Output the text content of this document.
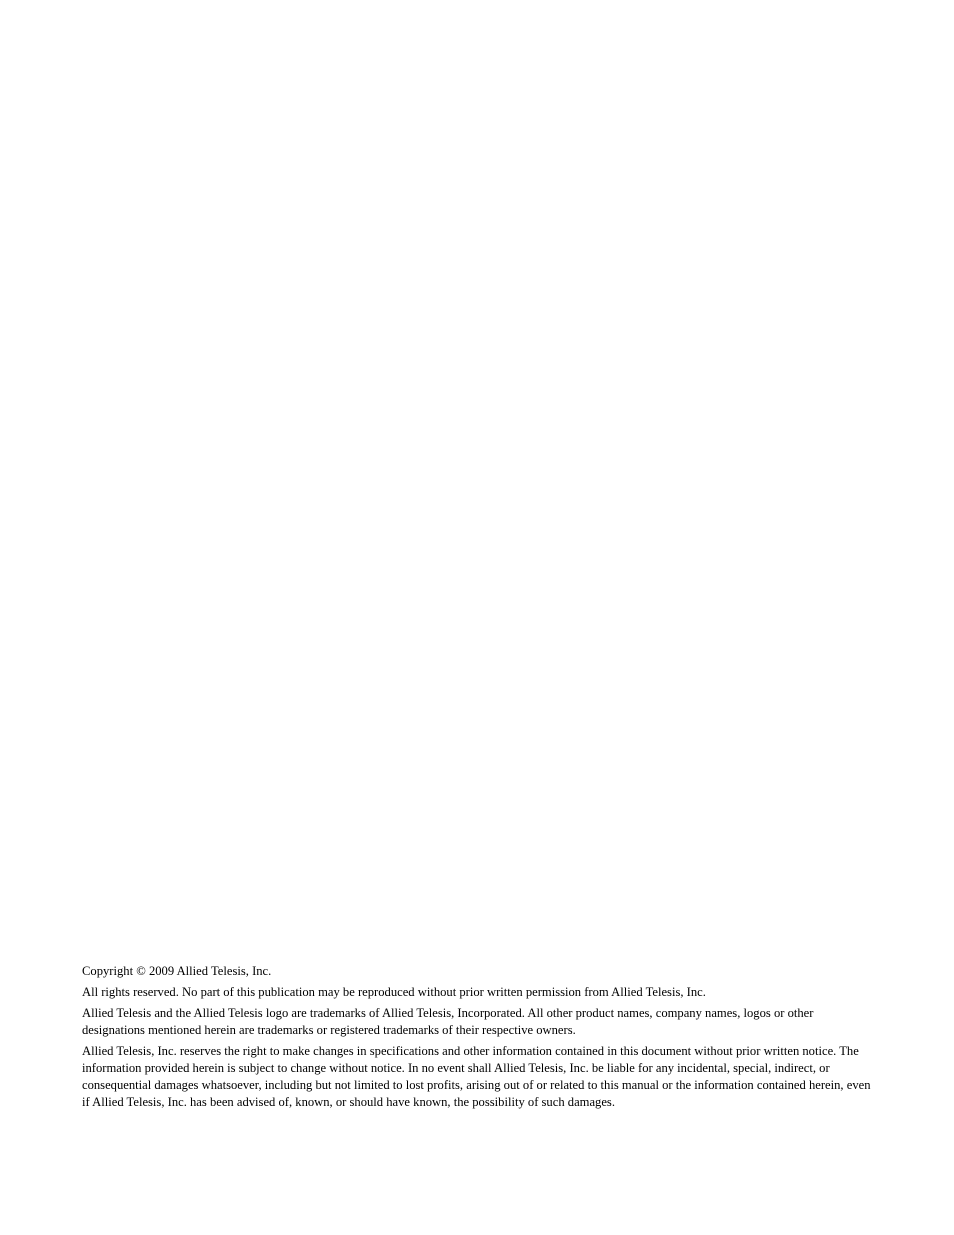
Copyright © 2009 Allied Telesis, Inc.

All rights reserved. No part of this publication may be reproduced without prior written permission from Allied Telesis, Inc.

Allied Telesis and the Allied Telesis logo are trademarks of Allied Telesis, Incorporated. All other product names, company names, logos or other designations mentioned herein are trademarks or registered trademarks of their respective owners.

Allied Telesis, Inc. reserves the right to make changes in specifications and other information contained in this document without prior written notice. The information provided herein is subject to change without notice. In no event shall Allied Telesis, Inc. be liable for any incidental, special, indirect, or consequential damages whatsoever, including but not limited to lost profits, arising out of or related to this manual or the information contained herein, even if Allied Telesis, Inc. has been advised of, known, or should have known, the possibility of such damages.
